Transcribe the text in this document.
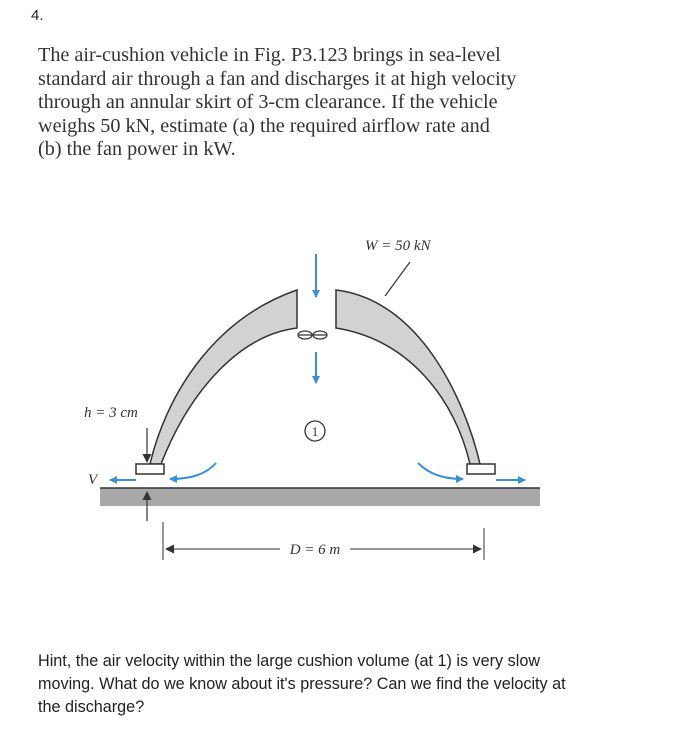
4.

The air-cushion vehicle in Fig. P3.123 brings in sea-level
standard air through a fan and discharges it at high velocity
through an annular skirt of 3-cm clearance. If the vehicle
weighs 50 kN, estimate (a) the required airflow rate and
(b) the fan power in kW.

1
W = 50 kN
h = 3 cm
V
D = 6 m

Hint, the air velocity within the large cushion volume (at 1) is very slow
moving. What do we know about it's pressure? Can we find the velocity at
the discharge?
